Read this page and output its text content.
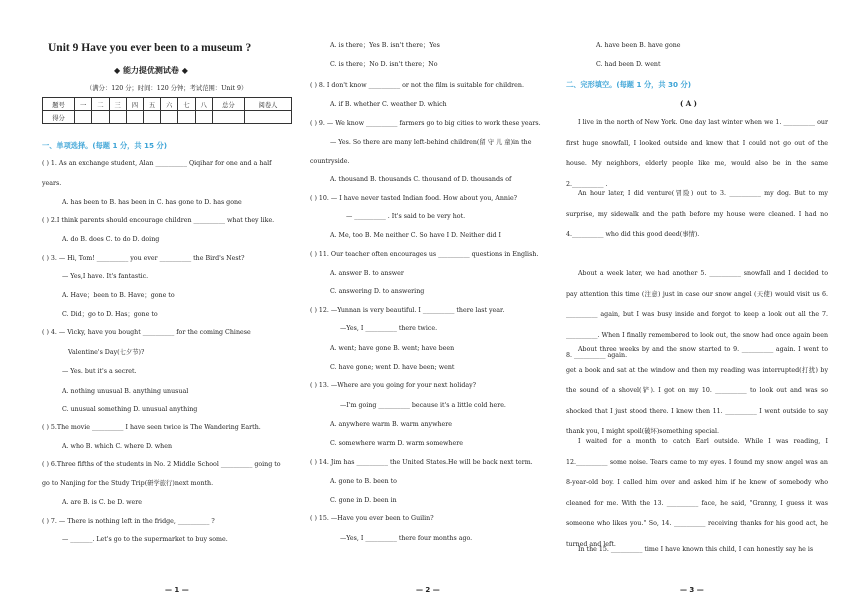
Unit 9 Have you ever been to a museum ?
◆ 能力提优测试卷 ◆
（满分：120 分；时间：120 分钟；考试范围：Unit 9）
题号	一	二	三	四	五	六	七	八	总分	阅卷人
得分										
一、单项选择。(每题 1 分，共 15 分)
( ) 1. As an exchange student, Alan __________ Qiqihar for one and a half
years.
A. has been to B. has been in C. has gone to D. has gone
( ) 2.I think parents should encourage children __________ what they like.
A. do B. does C. to do D. doing
( ) 3. — Hi, Tom! __________ you ever __________ the Bird's Nest?
— Yes,I have. It's fantastic.
A. Have；been to B. Have；gone to
C. Did；go to D. Has；gone to
( ) 4. — Vicky, have you bought __________ for the coming Chinese
Valentine's Day(七夕节)?
— Yes. but it's a secret.
A. nothing unusual B. anything unusual
C. unusual something D. unusual anything
( ) 5.The movie __________ I have seen twice is The Wandering Earth.
A. who B. which C. where D. when
( ) 6.Three fifths of the students in No. 2 Middle School __________ going to
go to Nanjing for the Study Trip(研学旅行)next month.
A. are B. is C. be D. were
( ) 7. — There is nothing left in the fridge, __________ ?
— _______. Let's go to the supermarket to buy some.
— 1 —
A. is there；Yes B. isn't there；Yes
C. is there；No D. isn't there；No
( ) 8. I don't know __________ or not the film is suitable for children.
A. if B. whether C. weather D. which
( ) 9. — We know __________ farmers go to big cities to work these years.
— Yes. So there are many left-behind children(留 守 儿 童)in the
countryside.
A. thousand B. thousands C. thousand of D. thousands of
( ) 10. — I have never tasted Indian food. How about you, Annie?
— __________ . It's said to be very hot.
A. Me, too B. Me neither C. So have I D. Neither did I
( ) 11. Our teacher often encourages us __________ questions in English.
A. answer B. to answer
C. answering D. to answering
( ) 12. —Yunnan is very beautiful. I __________ there last year.
—Yes, I __________ there twice.
A. went; have gone B. went; have been
C. have gone; went D. have been; went
( ) 13. —Where are you going for your next holiday?
—I'm going __________ because it's a little cold here.
A. anywhere warm B. warm anywhere
C. somewhere warm D. warm somewhere
( ) 14. Jim has __________ the United States.He will be back next term.
A. gone to B. been to
C. gone in D. been in
( ) 15. —Have you ever been to Guilin?
—Yes, I __________ there four months ago.
— 2 —
A. have been B. have gone
C. had been D. went
二、完形填空。(每题 1 分，共 30 分)
( A )
I live in the north of New York. One day last winter when we 1. __________ our first huge snowfall, I looked outside and knew that I could not go out of the house. My neighbors, elderly people like me, would also be in the same 2.__________ .
An hour later, I did venture(冒险) out to 3. __________ my dog. But to my surprise, my sidewalk and the path before my house were cleaned. I had no 4.__________ who did this good deed(事情).
About a week later, we had another 5. __________ snowfall and I decided to pay attention this time (注意) just in case our snow angel (天使) would visit us 6. __________ again, but I was busy inside and forgot to keep a look out all the 7. __________. When I finally remembered to look out, the snow had once again been 8. __________ again.
About three weeks by and the snow started to 9. __________ again. I went to get a book and sat at the window and then my reading was interrupted(打扰) by the sound of a shovel(铲). I got on my 10. __________ to look out and was so shocked that I just stood there. I knew then 11. __________ I went outside to say thank you, I might spoil(破坏)something special.
I waited for a month to catch Earl outside. While I was reading, I 12.__________ some noise. Tears came to my eyes. I found my snow angel was an 8-year-old boy. I called him over and asked him if he knew of somebody who cleaned for me. With the 13. __________ face, he said, "Granny, I guess it was someone who likes you." So, 14. __________ receiving thanks for his good act, he turned and left.
In the 15. __________ time I have known this child, I can honestly say he is
— 3 —
